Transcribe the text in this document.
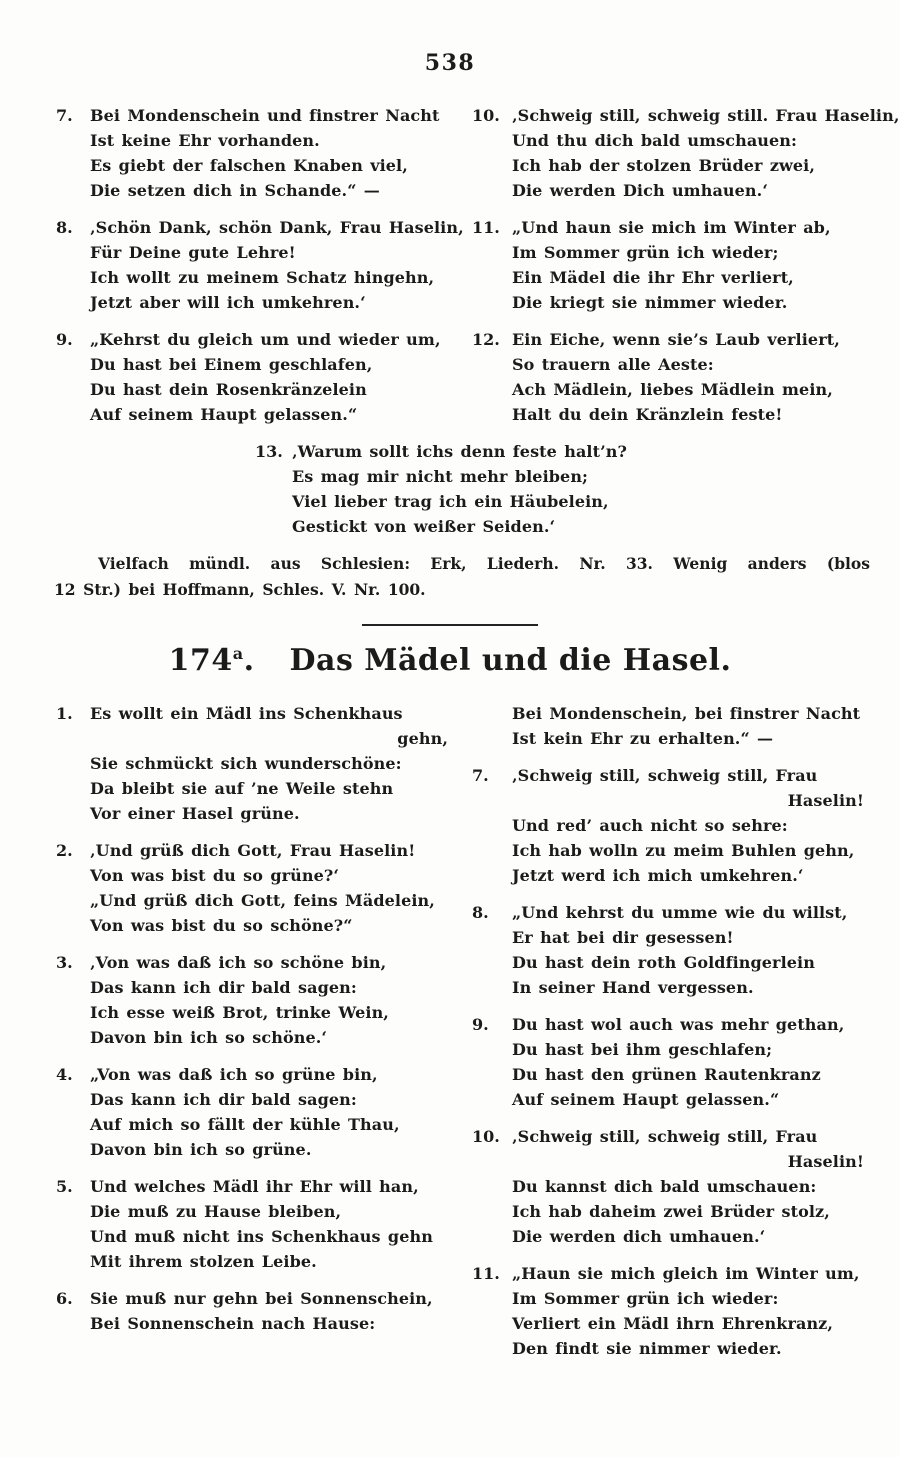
538
7.	Bei Mondenschein und finstrer Nacht
Ist keine Ehr vorhanden.
Es giebt der falschen Knaben viel,
Die setzen dich in Schande.“ —
8.	‚Schön Dank, schön Dank, Frau Haselin,
Für Deine gute Lehre!
Ich wollt zu meinem Schatz hingehn,
Jetzt aber will ich umkehren.‘
9.	„Kehrst du gleich um und wieder um,
Du hast bei Einem geschlafen,
Du hast dein Rosenkränzelein
Auf seinem Haupt gelassen.“
10. ‚Schweig still, schweig still. Frau Haselin,
Und thu dich bald umschauen:
Ich hab der stolzen Brüder zwei,
Die werden Dich umhauen.‘
11. „Und haun sie mich im Winter ab,
Im Sommer grün ich wieder;
Ein Mädel die ihr Ehr verliert,
Die kriegt sie nimmer wieder.
12. Ein Eiche, wenn sie’s Laub verliert,
So trauern alle Aeste:
Ach Mädlein, liebes Mädlein mein,
Halt du dein Kränzlein feste!
13. ‚Warum sollt ichs denn feste halt’n?
Es mag mir nicht mehr bleiben;
Viel lieber trag ich ein Häubelein,
Gestickt von weißer Seiden.‘
Vielfach mündl. aus Schlesien: Erk, Liederh. Nr. 33. Wenig anders (blos
12 Str.) bei Hoffmann, Schles. V. Nr. 100.
174$^a$. Das Mädel und die Hasel.
1.	Es wollt ein Mädl ins Schenkhaus
gehn,
Sie schmückt sich wunderschöne:
Da bleibt sie auf ’ne Weile stehn
Vor einer Hasel grüne.
2.	‚Und grüß dich Gott, Frau Haselin!
Von was bist du so grüne?‘
„Und grüß dich Gott, feins Mädelein,
Von was bist du so schöne?“
3.	‚Von was daß ich so schöne bin,
Das kann ich dir bald sagen:
Ich esse weiß Brot, trinke Wein,
Davon bin ich so schöne.‘
4.	„Von was daß ich so grüne bin,
Das kann ich dir bald sagen:
Auf mich so fällt der kühle Thau,
Davon bin ich so grüne.
5.	Und welches Mädl ihr Ehr will han,
Die muß zu Hause bleiben,
Und muß nicht ins Schenkhaus gehn
Mit ihrem stolzen Leibe.
6.	Sie muß nur gehn bei Sonnenschein,
Bei Sonnenschein nach Hause:
Bei Mondenschein, bei finstrer Nacht
Ist kein Ehr zu erhalten.“ —
7.	‚Schweig still, schweig still, Frau
Haselin!
Und red’ auch nicht so sehre:
Ich hab wolln zu meim Buhlen gehn,
Jetzt werd ich mich umkehren.‘
8.	„Und kehrst du umme wie du willst,
Er hat bei dir gesessen!
Du hast dein roth Goldfingerlein
In seiner Hand vergessen.
9.	Du hast wol auch was mehr gethan,
Du hast bei ihm geschlafen;
Du hast den grünen Rautenkranz
Auf seinem Haupt gelassen.“
10. ‚Schweig still, schweig still, Frau
Haselin!
Du kannst dich bald umschauen:
Ich hab daheim zwei Brüder stolz,
Die werden dich umhauen.‘
11. „Haun sie mich gleich im Winter um,
Im Sommer grün ich wieder:
Verliert ein Mädl ihrn Ehrenkranz,
Den findt sie nimmer wieder.
